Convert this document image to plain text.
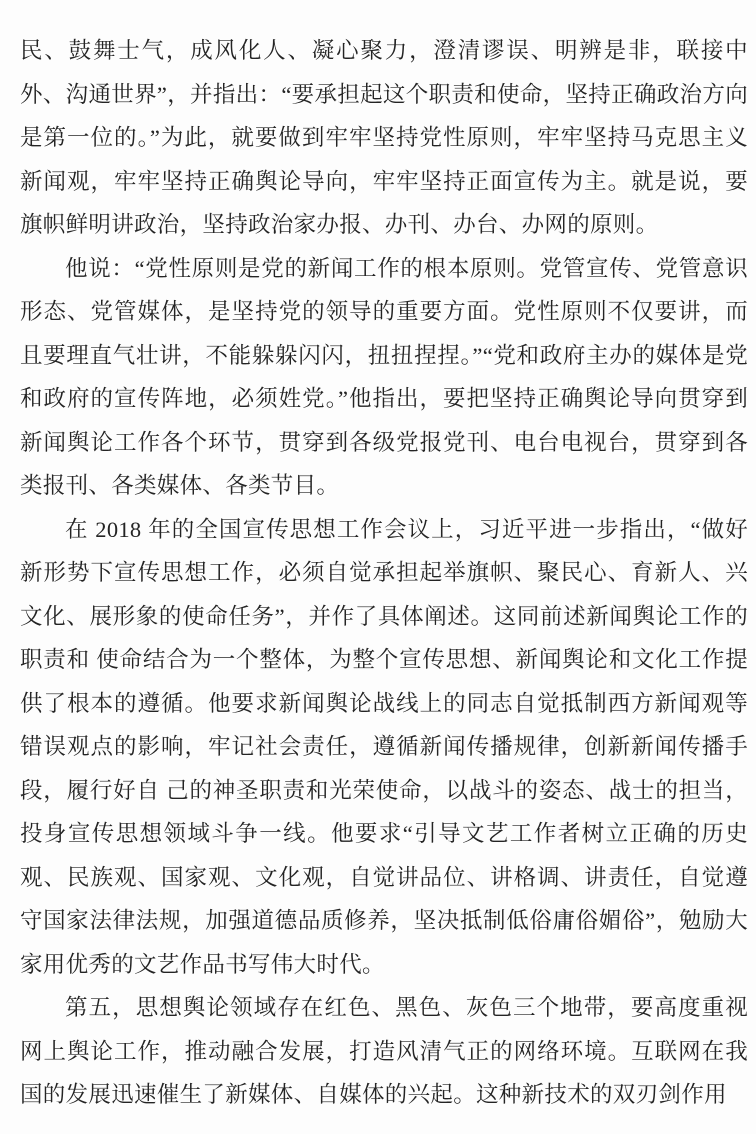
民、鼓舞士气，成风化人、凝心聚力，澄清谬误、明辨是非，联接中外、沟通世界”，并指出：“要承担起这个职责和使命，坚持正确政治方向是第一位的。”为此，就要做到牢牢坚持党性原则，牢牢坚持马克思主义新闻观，牢牢坚持正确舆论导向，牢牢坚持正面宣传为主。就是说，要旗帜鲜明讲政治，坚持政治家办报、办刊、办台、办网的原则。

他说：“党性原则是党的新闻工作的根本原则。党管宣传、党管意识形态、党管媒体，是坚持党的领导的重要方面。党性原则不仅要讲，而且要理直气壮讲，不能躲躲闪闪，扭扭捏捏。”“党和政府主办的媒体是党和政府的宣传阵地，必须姓党。”他指出，要把坚持正确舆论导向贯穿到新闻舆论工作各个环节，贯穿到各级党报党刊、电台电视台，贯穿到各类报刊、各类媒体、各类节目。

在 2018 年的全国宣传思想工作会议上，习近平进一步指出，“做好新形势下宣传思想工作，必须自觉承担起举旗帜、聚民心、育新人、兴文化、展形象的使命任务”，并作了具体阐述。这同前述新闻舆论工作的职责和 使命结合为一个整体，为整个宣传思想、新闻舆论和文化工作提供了根本的遵循。他要求新闻舆论战线上的同志自觉抵制西方新闻观等错误观点的影响，牢记社会责任，遵循新闻传播规律，创新新闻传播手段，履行好自 己的神圣职责和光荣使命，以战斗的姿态、战士的担当，投身宣传思想领域斗争一线。他要求“引导文艺工作者树立正确的历史观、民族观、国家观、文化观，自觉讲品位、讲格调、讲责任，自觉遵守国家法律法规，加强道德品质修养，坚决抵制低俗庸俗媚俗”，勉励大家用优秀的文艺作品书写伟大时代。

第五，思想舆论领域存在红色、黑色、灰色三个地带，要高度重视网上舆论工作，推动融合发展，打造风清气正的网络环境。互联网在我国的发展迅速催生了新媒体、自媒体的兴起。这种新技术的双刃剑作用
